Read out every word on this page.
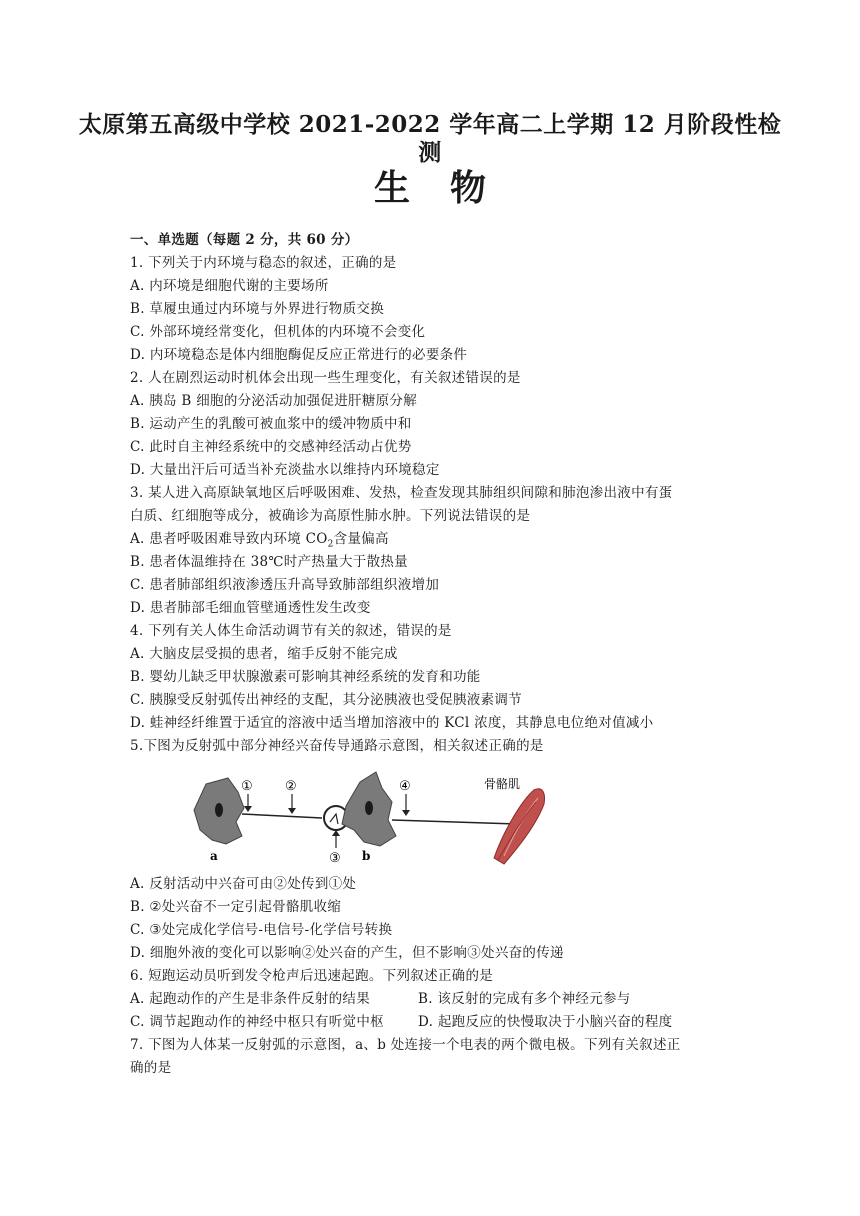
太原第五高级中学校 2021-2022 学年高二上学期 12 月阶段性检
测
生物
一、单选题（每题 2 分，共 60 分）
1. 下列关于内环境与稳态的叙述，正确的是
A. 内环境是细胞代谢的主要场所
B. 草履虫通过内环境与外界进行物质交换
C. 外部环境经常变化，但机体的内环境不会变化
D. 内环境稳态是体内细胞酶促反应正常进行的必要条件
2. 人在剧烈运动时机体会出现一些生理变化，有关叙述错误的是
A. 胰岛 B 细胞的分泌活动加强促进肝糖原分解
B. 运动产生的乳酸可被血浆中的缓冲物质中和
C. 此时自主神经系统中的交感神经活动占优势
D. 大量出汗后可适当补充淡盐水以维持内环境稳定
3. 某人进入高原缺氧地区后呼吸困难、发热，检查发现其肺组织间隙和肺泡渗出液中有蛋
白质、红细胞等成分，被确诊为高原性肺水肿。下列说法错误的是
A. 患者呼吸困难导致内环境 $CO_2$含量偏高
B. 患者体温维持在 38℃时产热量大于散热量
C. 患者肺部组织液渗透压升高导致肺部组织液增加
D. 患者肺部毛细血管壁通透性发生改变
4. 下列有关人体生命活动调节有关的叙述，错误的是
A. 大脑皮层受损的患者，缩手反射不能完成
B. 婴幼儿缺乏甲状腺激素可影响其神经系统的发育和功能
C. 胰腺受反射弧传出神经的支配，其分泌胰液也受促胰液素调节
D. 蛙神经纤维置于适宜的溶液中适当增加溶液中的 KCl 浓度，其静息电位绝对值减小
5.下图为反射弧中部分神经兴奋传导通路示意图，相关叙述正确的是
① ②
③
④
a	b
骨骼肌
A. 反射活动中兴奋可由②处传到①处
B. ②处兴奋不一定引起骨骼肌收缩
C. ③处完成化学信号-电信号-化学信号转换
D. 细胞外液的变化可以影响②处兴奋的产生，但不影响③处兴奋的传递
6. 短跑运动员听到发令枪声后迅速起跑。下列叙述正确的是
A. 起跑动作的产生是非条件反射的结果	B. 该反射的完成有多个神经元参与
C. 调节起跑动作的神经中枢只有听觉中枢	D. 起跑反应的快慢取决于小脑兴奋的程度
7. 下图为人体某一反射弧的示意图，a、b 处连接一个电表的两个微电极。下列有关叙述正
确的是
